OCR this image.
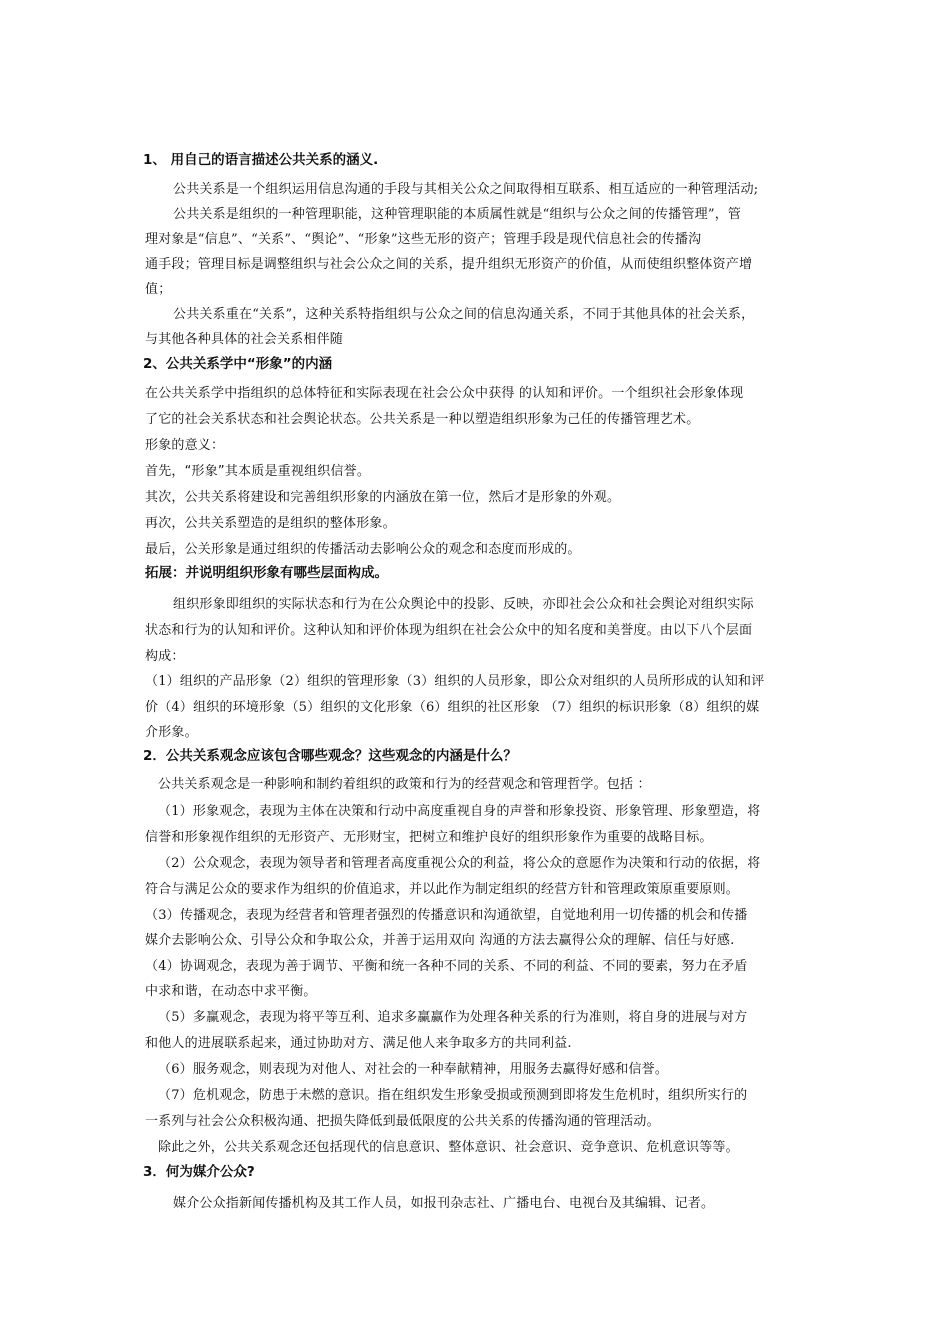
1、 用自己的语言描述公共关系的涵义.
公共关系是一个组织运用信息沟通的手段与其相关公众之间取得相互联系、相互适应的一种管理活动;
公共关系是组织的一种管理职能，这种管理职能的本质属性就是“组织与公众之间的传播管理”，管
理对象是“信息”、“关系”、“舆论”、“形象”这些无形的资产；管理手段是现代信息社会的传播沟
通手段；管理目标是调整组织与社会公众之间的关系，提升组织无形资产的价值，从而使组织整体资产增
值；
公共关系重在“关系”，这种关系特指组织与公众之间的信息沟通关系，不同于其他具体的社会关系，
与其他各种具体的社会关系相伴随
2、公共关系学中“形象”的内涵
在公共关系学中指组织的总体特征和实际表现在社会公众中获得 的认知和评价。一个组织社会形象体现
了它的社会关系状态和社会舆论状态。公共关系是一种以塑造组织形象为己任的传播管理艺术。
形象的意义：
首先，“形象”其本质是重视组织信誉。
其次，公共关系将建设和完善组织形象的内涵放在第一位，然后才是形象的外观。
再次，公共关系塑造的是组织的整体形象。
最后，公关形象是通过组织的传播活动去影响公众的观念和态度而形成的。
拓展：并说明组织形象有哪些层面构成。
组织形象即组织的实际状态和行为在公众舆论中的投影、反映，亦即社会公众和社会舆论对组织实际
状态和行为的认知和评价。这种认知和评价体现为组织在社会公众中的知名度和美誉度。由以下八个层面
构成：
（1）组织的产品形象（2）组织的管理形象（3）组织的人员形象，即公众对组织的人员所形成的认知和评
价（4）组织的环境形象（5）组织的文化形象（6）组织的社区形象 （7）组织的标识形象（8）组织的媒
介形象。
2．公共关系观念应该包含哪些观念？这些观念的内涵是什么？
公共关系观念是一种影响和制约着组织的政策和行为的经营观念和管理哲学。包括 ：
（1）形象观念，表现为主体在决策和行动中高度重视自身的声誉和形象投资、形象管理、形象塑造，将
信誉和形象视作组织的无形资产、无形财宝，把树立和维护良好的组织形象作为重要的战略目标。
（2）公众观念，表现为领导者和管理者高度重视公众的利益，将公众的意愿作为决策和行动的依据，将
符合与满足公众的要求作为组织的价值追求，并以此作为制定组织的经营方针和管理政策原重要原则。
（3）传播观念，表现为经营者和管理者强烈的传播意识和沟通欲望，自觉地利用一切传播的机会和传播
媒介去影响公众、引导公众和争取公众，并善于运用双向 沟通的方法去赢得公众的理解、信任与好感.
（4）协调观念，表现为善于调节、平衡和统一各种不同的关系、不同的利益、不同的要素，努力在矛盾
中求和谐，在动态中求平衡。
（5）多赢观念，表现为将平等互利、追求多赢赢作为处理各种关系的行为准则，将自身的进展与对方
和他人的进展联系起来，通过协助对方、满足他人来争取多方的共同利益.
（6）服务观念，则表现为对他人、对社会的一种奉献精神，用服务去赢得好感和信誉。
（7）危机观念，防患于未燃的意识。指在组织发生形象受损或预测到即将发生危机时，组织所实行的
一系列与社会公众积极沟通、把损失降低到最低限度的公共关系的传播沟通的管理活动。
除此之外，公共关系观念还包括现代的信息意识、整体意识、社会意识、竞争意识、危机意识等等。
3．何为媒介公众?
媒介公众指新闻传播机构及其工作人员，如报刊杂志社、广播电台、电视台及其编辑、记者。
